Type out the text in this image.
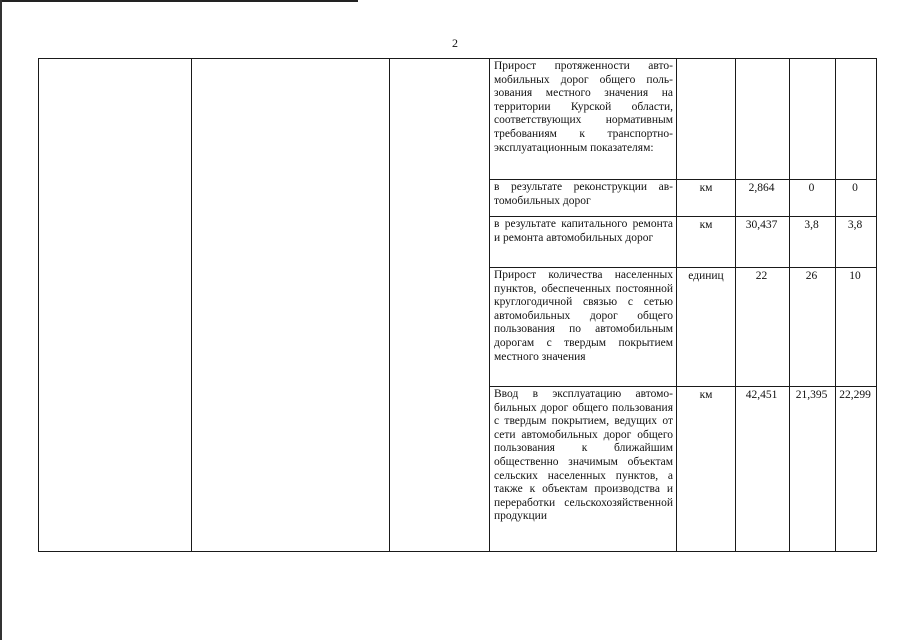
2
			Прирост протяженности автомобильных дорог общего пользования местного значения на территории Курской области, соответствующих нормативным требованиям к транспортно-эксплуатационным показателям:				
			в результате реконструкции автомобильных дорог	км	2,864	0	0
			в результате капитального ремонта и ремонта автомобильных дорог	км	30,437	3,8	3,8
			Прирост количества населенных пунктов, обеспеченных постоянной круглогодичной связью с сетью автомобильных дорог общего пользования по автомобильным дорогам с твердым покрытием местного значения	единиц	22	26	10
			Ввод в эксплуатацию автомобильных дорог общего пользования с твердым покрытием, ведущих от сети автомобильных дорог общего пользования к ближайшим общественно значимым объектам сельских населенных пунктов, а также к объектам производства и переработки сельскохозяйственной продукции	км	42,451	21,395	22,299
